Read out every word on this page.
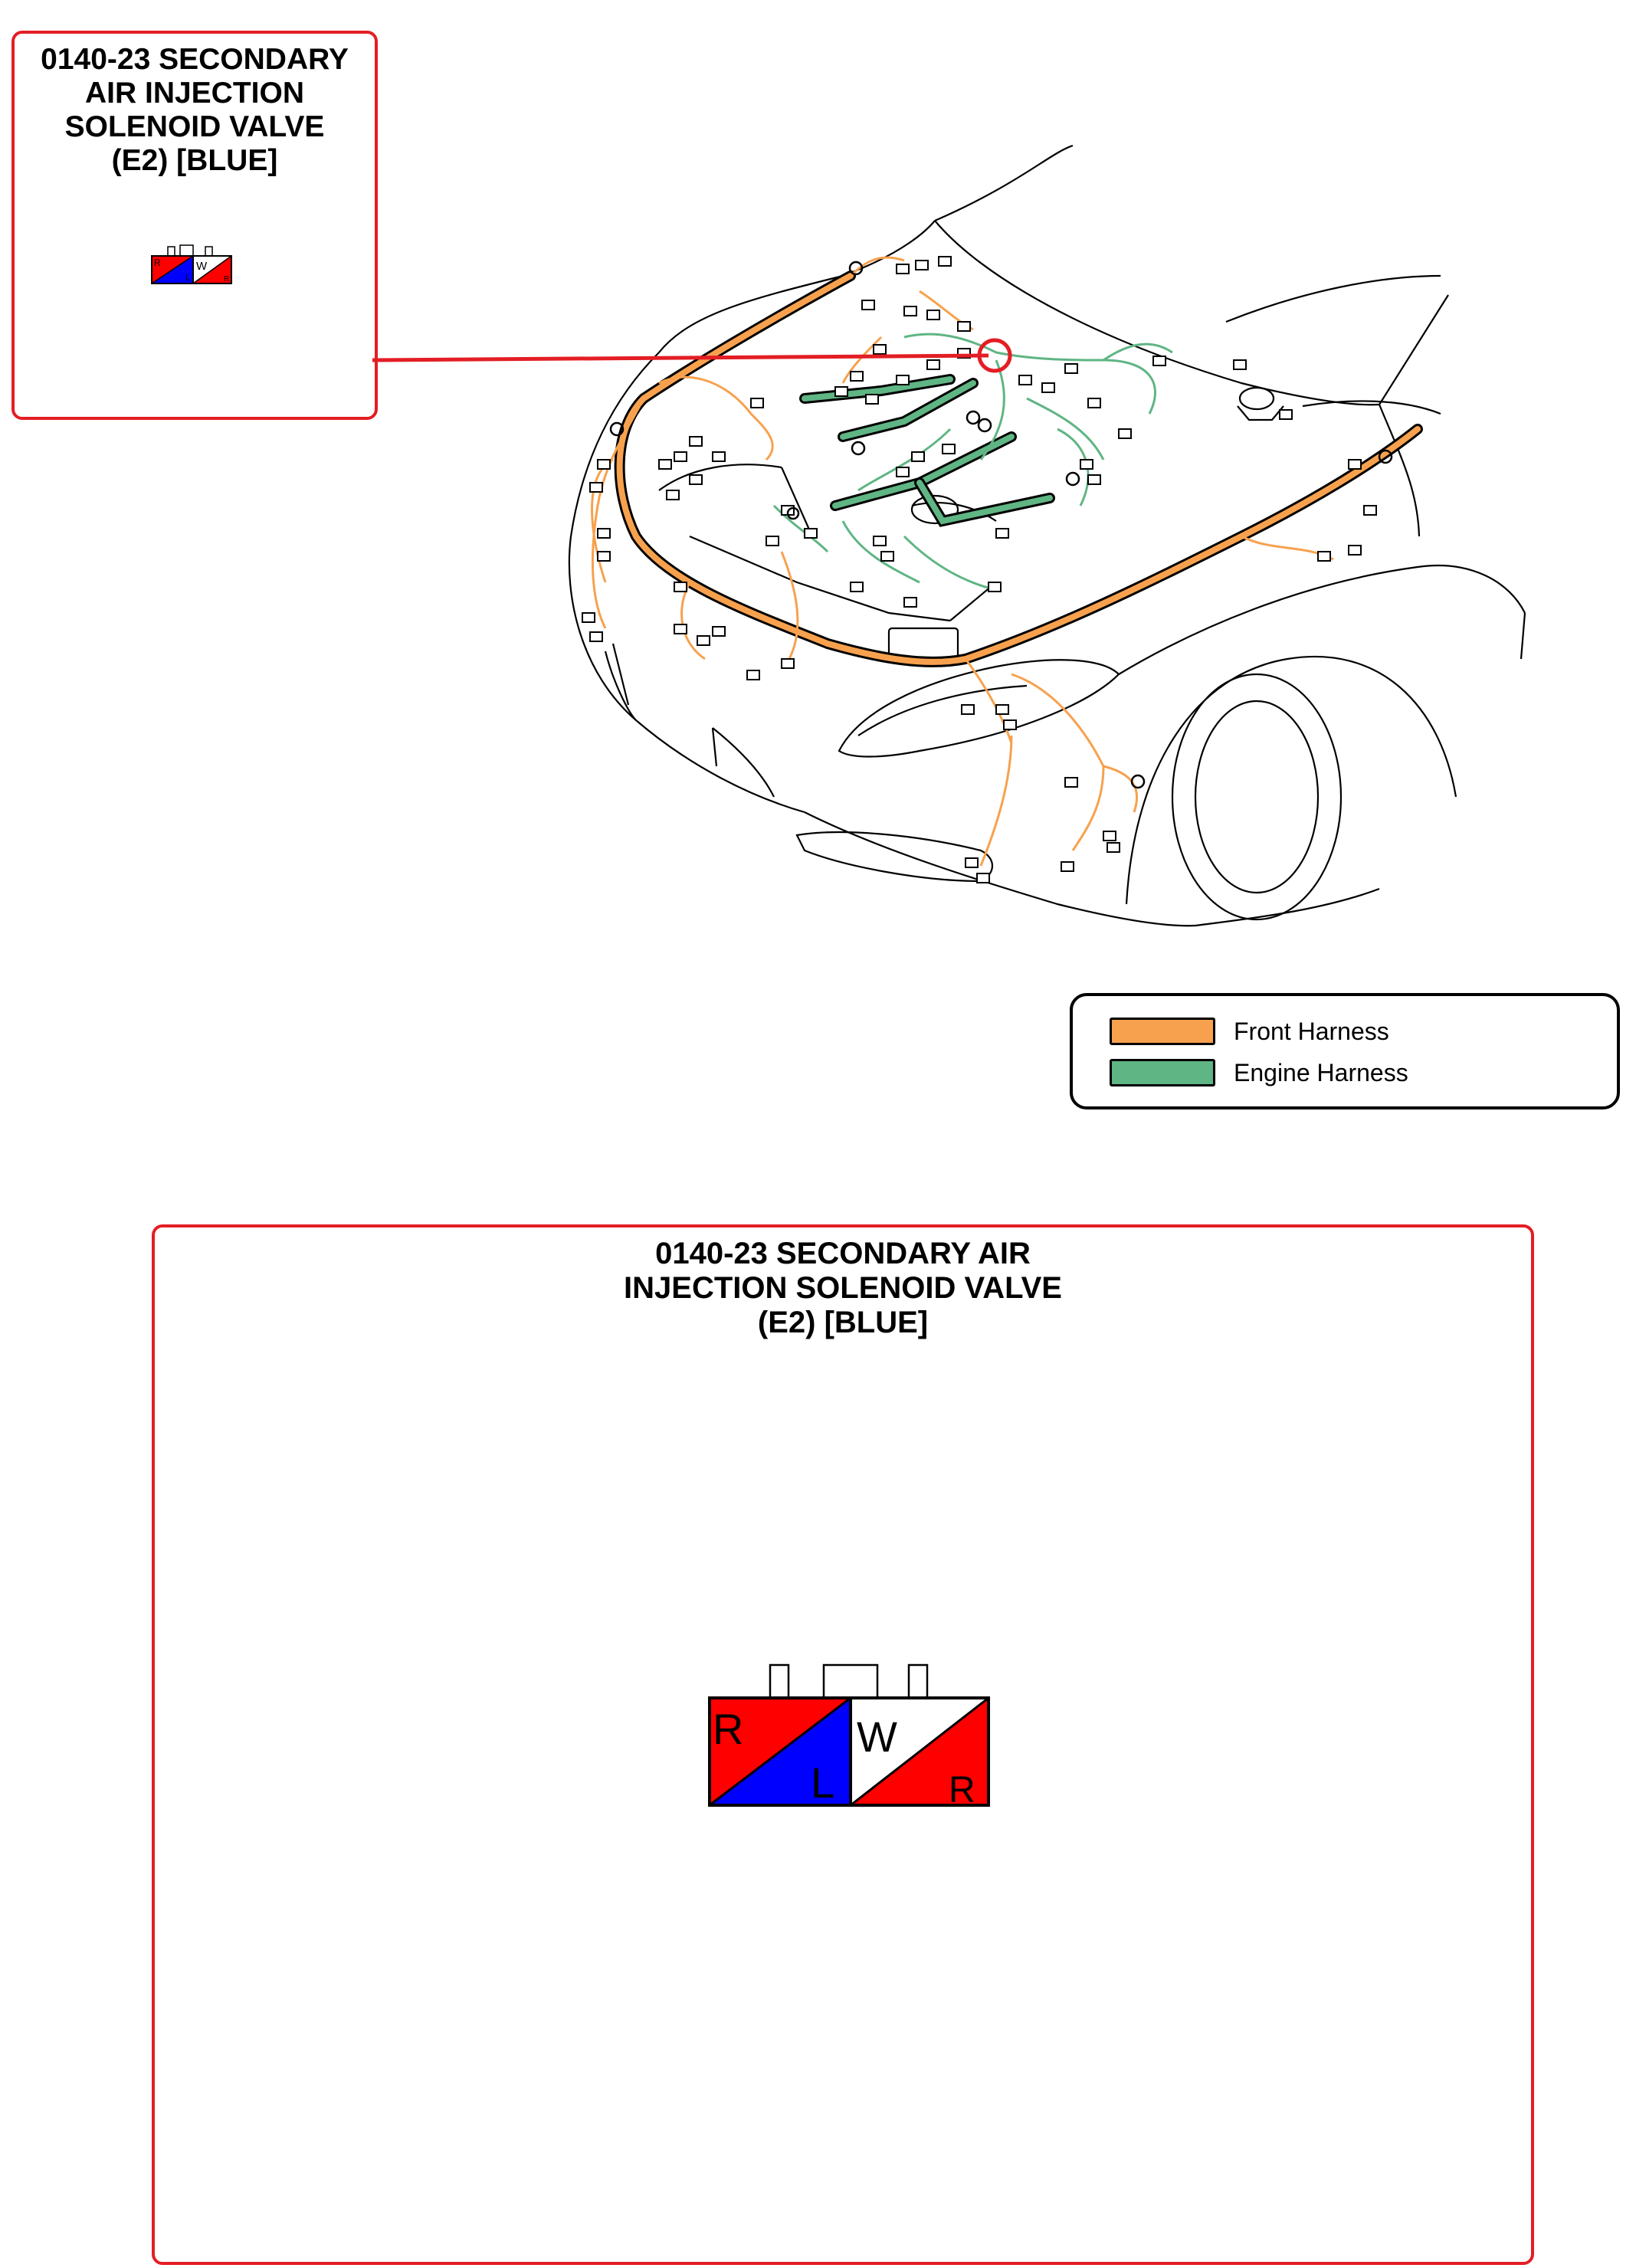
R
L
W
R
R
L
W
R
0140-23 SECONDARY
AIR INJECTION
SOLENOID VALVE
(E2) [BLUE]
Front Harness
Engine Harness
0140-23 SECONDARY AIR
INJECTION SOLENOID VALVE
(E2) [BLUE]
